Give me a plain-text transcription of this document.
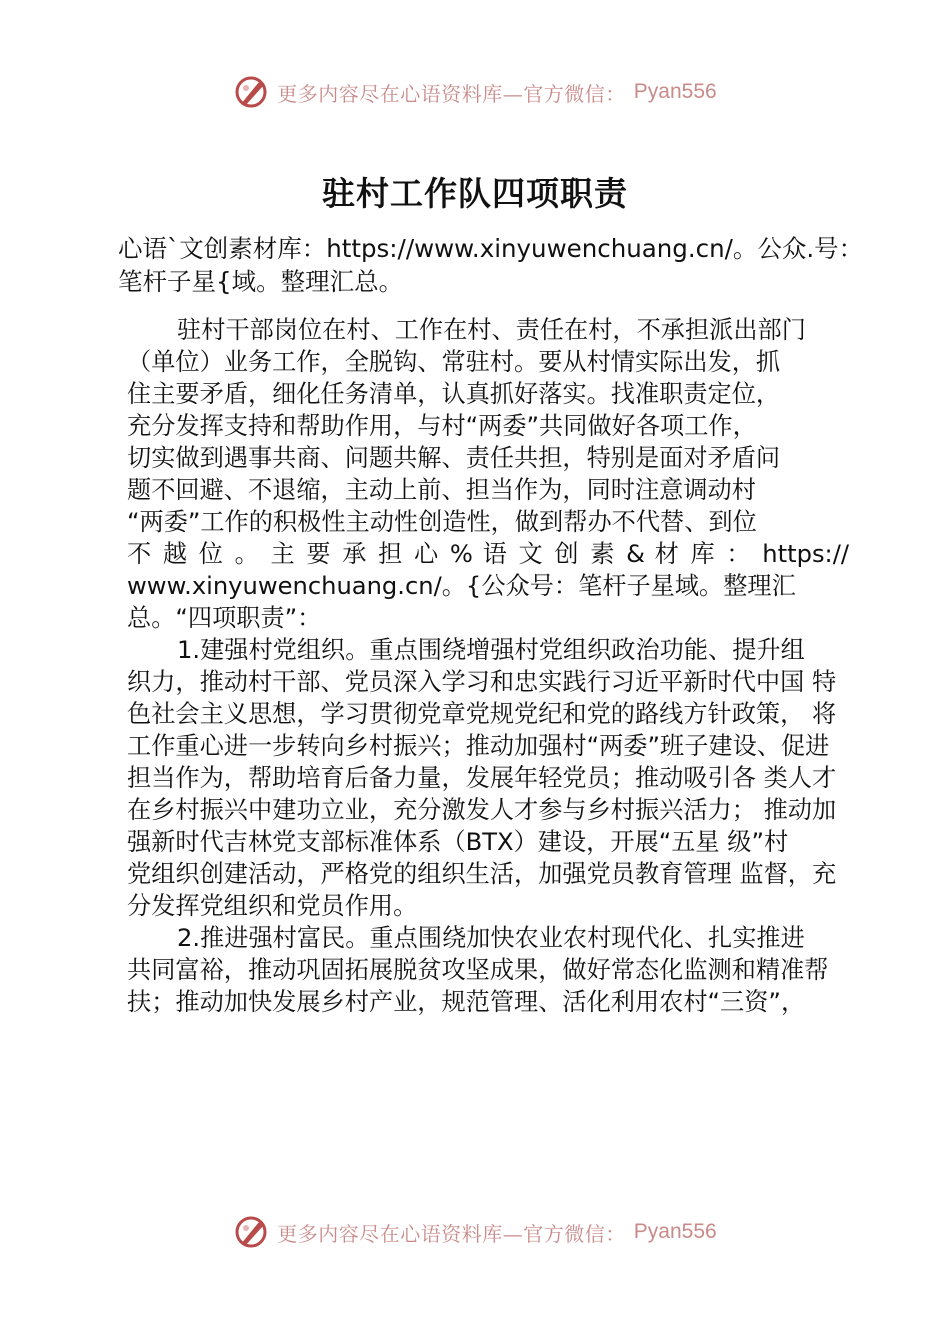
更多内容尽在心语资料库—官方微信： Pyan556
驻村工作队四项职责
心语`文创素材库：https://www.xinyuwenchuang.cn/。公众.号：
笔杆子星{域。整理汇总。
驻村干部岗位在村、工作在村、责任在村，不承担派出部门
（单位）业务工作，全脱钩、常驻村。要从村情实际出发，抓
住主要矛盾，细化任务清单，认真抓好落实。找准职责定位，
充分发挥支持和帮助作用，与村“两委”共同做好各项工作，
切实做到遇事共商、问题共解、责任共担，特别是面对矛盾问
题不回避、不退缩，主动上前、担当作为，同时注意调动村
“两委”工作的积极性主动性创造性，做到帮办不代替、到位
不 越 位 。 主 要 承 担 心 % 语 文 创 素 & 材 库 ： https://
www.xinyuwenchuang.cn/。{公众号：笔杆子星域。整理汇
总。“四项职责”：
1.建强村党组织。重点围绕增强村党组织政治功能、提升组
织力，推动村干部、党员深入学习和忠实践行习近平新时代中国 特
色社会主义思想，学习贯彻党章党规党纪和党的路线方针政策， 将
工作重心进一步转向乡村振兴；推动加强村“两委”班子建设、促进
担当作为，帮助培育后备力量，发展年轻党员；推动吸引各 类人才
在乡村振兴中建功立业，充分激发人才参与乡村振兴活力； 推动加
强新时代吉林党支部标准体系（BTX）建设，开展“五星 级”村
党组织创建活动，严格党的组织生活，加强党员教育管理 监督，充
分发挥党组织和党员作用。
2.推进强村富民。重点围绕加快农业农村现代化、扎实推进
共同富裕，推动巩固拓展脱贫攻坚成果，做好常态化监测和精准帮
扶；推动加快发展乡村产业，规范管理、活化利用农村“三资”，
更多内容尽在心语资料库—官方微信： Pyan556
